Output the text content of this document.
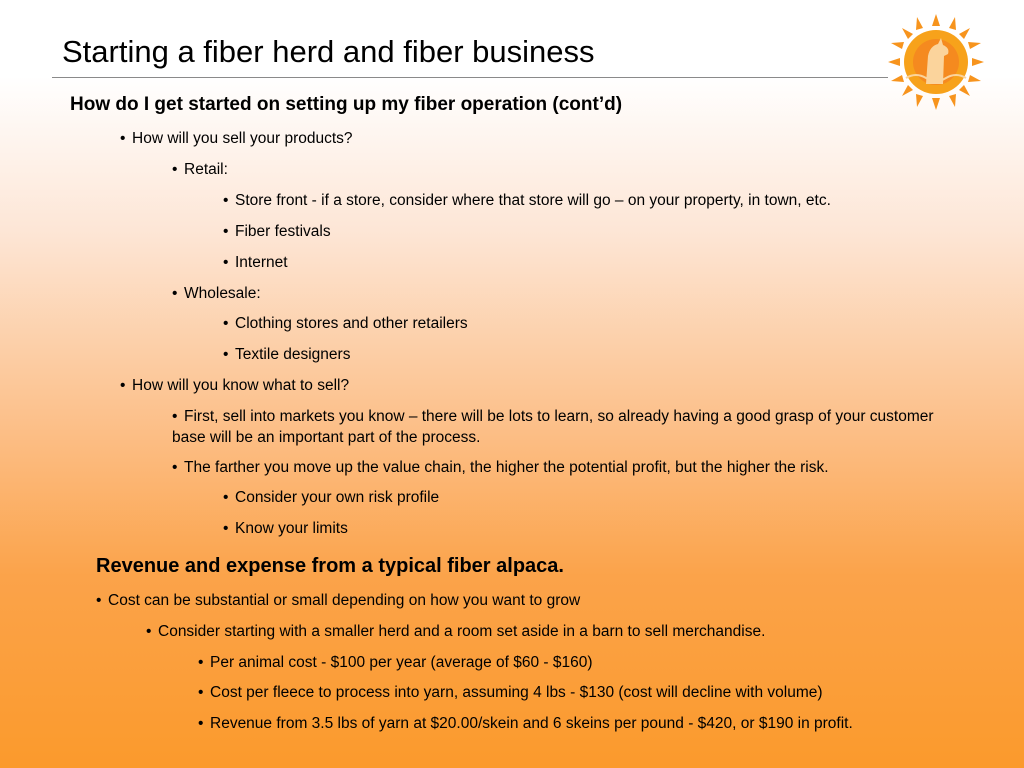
Starting a fiber herd and fiber business
How do I get started on setting up my fiber operation (cont’d)
• How will you sell your products?
• Retail:
• Store front - if a store, consider where that store will go – on your property, in town, etc.
• Fiber festivals
• Internet
• Wholesale:
• Clothing stores and other retailers
• Textile designers
• How will you know what to sell?
• First, sell into markets you know – there will be lots to learn, so already having a good grasp of your customer base will be an important part of the process.
• The farther you move up the value chain, the higher the potential profit, but the higher the risk.
• Consider your own risk profile
• Know your limits
Revenue and expense from a typical fiber alpaca.
• Cost can be substantial or small depending on how you want to grow
• Consider starting with a smaller herd and a room set aside in a barn to sell merchandise.
• Per animal cost - $100 per year (average of $60 - $160)
• Cost per fleece to process into yarn, assuming 4 lbs - $130 (cost will decline with volume)
• Revenue from 3.5 lbs of yarn at $20.00/skein and 6 skeins per pound - $420, or $190 in profit.
